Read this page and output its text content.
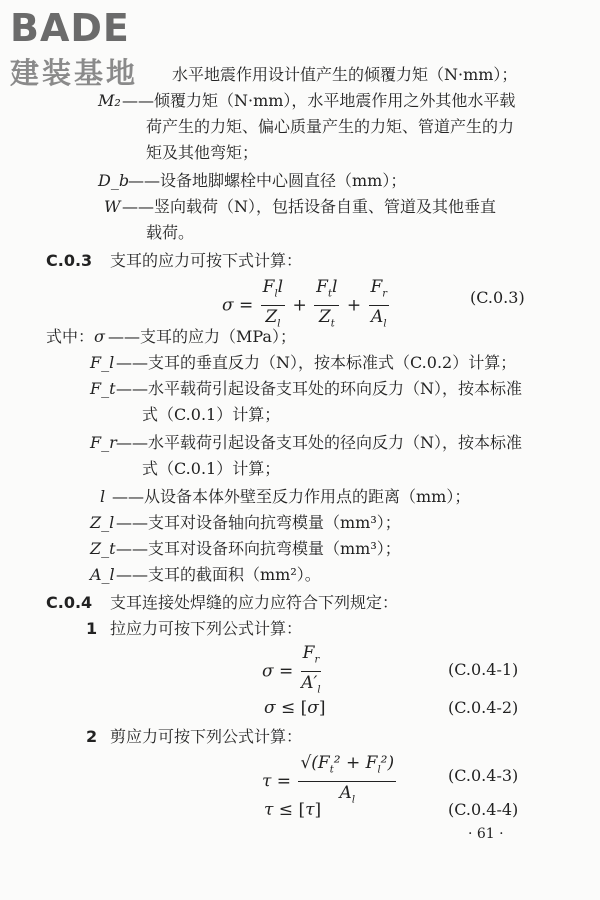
BADE
建装基地 水平地震作用设计值产生的倾覆力矩（N·mm）；
M₂ ——倾覆力矩（N·mm），水平地震作用之外其他水平载
荷产生的力矩、偏心质量产生的力矩、管道产生的力
矩及其他弯矩；
D_b
——设备地脚螺栓中心圆直径（mm）；
W ——竖向载荷（N），包括设备自重、管道及其他垂直
载荷。
C.0.3 支耳的应力可按下式计算：
$\sigma = \frac{F_ll}{Z_l} + \frac{F_tl}{Z_t} + \frac{F_r}{A_l}$	(C.0.3)
式中： σ ——支耳的应力（MPa）；
F_l ——支耳的垂直反力（N），按本标准式（C.0.2）计算；
F_t ——水平载荷引起设备支耳处的环向反力（N），按本标准
式（C.0.1）计算；
F_r ——水平载荷引起设备支耳处的径向反力（N），按本标准
式（C.0.1）计算；
l ——从设备本体外壁至反力作用点的距离（mm）；
Z_l ——支耳对设备轴向抗弯模量（mm³）；
Z_t ——支耳对设备环向抗弯模量（mm³）；
A_l ——支耳的截面积（mm²）。
C.0.4 支耳连接处焊缝的应力应符合下列规定：
1 拉应力可按下列公式计算：
$\sigma = \frac{F_r}{A'_l}$	(C.0.4-1)
σ ≤ [σ]	(C.0.4-2)
2 剪应力可按下列公式计算：
$\tau = \frac{√(F_t^2 + F_l^2)}{A_l}$	(C.0.4-3)
τ ≤ [τ]	(C.0.4-4)
· 61 ·
